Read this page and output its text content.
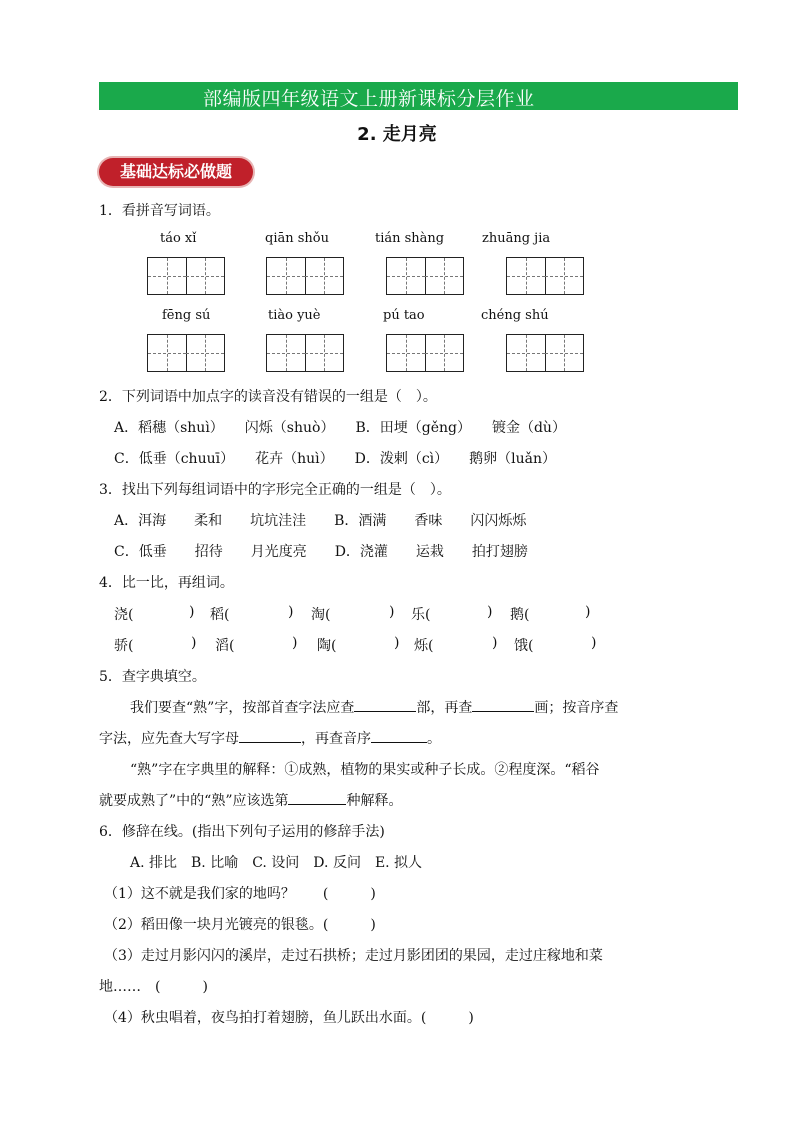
部编版四年级语文上册新课标分层作业
2. 走月亮
基础达标必做题
1．看拼音写词语。
táo xǐ	qiān shǒu	tián shàng	zhuāng jia
fēng sú	tiào yuè	pú tao	chéng shú
2．下列词语中加点字的读音没有错误的一组是（　）。
A．稻穗（shuì）　　闪烁（shuò）　　B．田埂（gěng）　　镀金（dù）
C．低垂（chuuī）　　花卉（huì）　　D．泼剌（cì）　　鹅卵（luǎn）
3．找出下列每组词语中的字形完全正确的一组是（　）。
A．洱海　　柔和　　坑坑洼洼　　B．酒满　　香味　　闪闪烁烁
C．低垂　　招待　　月光度亮　　D．浇灌　　运栽　　拍打翅膀
4．比一比，再组词。
浇(	) 稻(	) 淘(	) 乐(	) 鹅(	)
骄(	) 滔(	) 陶(	) 烁(	) 饿(	)
5．查字典填空。
我们要查“熟”字，按部首查字法应查	部，再查	画；按音序查
字法，应先查大写字母	，再查音序	。
“熟”字在字典里的解释：①成熟，植物的果实或种子长成。②程度深。“稻谷
就要成熟了”中的“熟”应该选第	种解释。
6．修辞在线。(指出下列句子运用的修辞手法)
A. 排比　B. 比喻　C. 设问　D. 反问　E. 拟人
（1）这不就是我们家的地吗？　　(　　　)
（2）稻田像一块月光镀亮的银毯。(　　　)
（3）走过月影闪闪的溪岸，走过石拱桥；走过月影团团的果园，走过庄稼地和菜
地……　(　　　)
（4）秋虫唱着，夜鸟拍打着翅膀，鱼儿跃出水面。(　　　)
